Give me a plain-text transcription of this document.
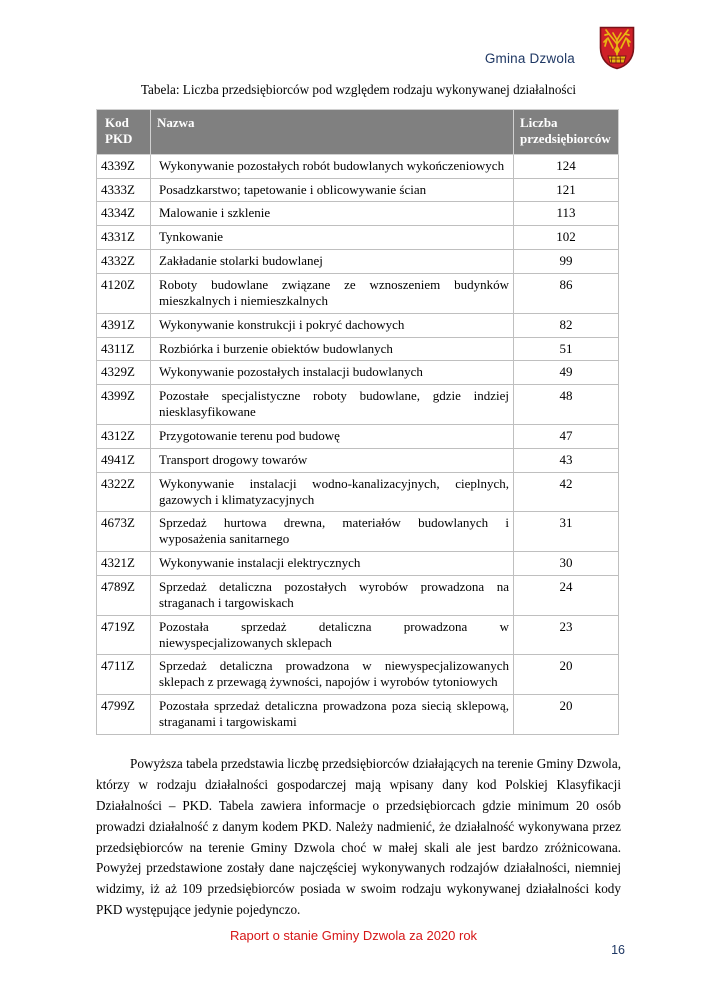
Gmina Dzwola
Tabela: Liczba przedsiębiorców pod względem rodzaju wykonywanej działalności
Kod PKD	Nazwa	Liczba przedsiębiorców
4339Z	Wykonywanie pozostałych robót budowlanych wykończeniowych	124
4333Z	Posadzkarstwo; tapetowanie i oblicowywanie ścian	121
4334Z	Malowanie i szklenie	113
4331Z	Tynkowanie	102
4332Z	Zakładanie stolarki budowlanej	99
4120Z	Roboty budowlane związane ze wznoszeniem budynków mieszkalnych i niemieszkalnych	86
4391Z	Wykonywanie konstrukcji i pokryć dachowych	82
4311Z	Rozbiórka i burzenie obiektów budowlanych	51
4329Z	Wykonywanie pozostałych instalacji budowlanych	49
4399Z	Pozostałe specjalistyczne roboty budowlane, gdzie indziej niesklasyfikowane	48
4312Z	Przygotowanie terenu pod budowę	47
4941Z	Transport drogowy towarów	43
4322Z	Wykonywanie instalacji wodno-kanalizacyjnych, cieplnych, gazowych i klimatyzacyjnych	42
4673Z	Sprzedaż hurtowa drewna, materiałów budowlanych i wyposażenia sanitarnego	31
4321Z	Wykonywanie instalacji elektrycznych	30
4789Z	Sprzedaż detaliczna pozostałych wyrobów prowadzona na straganach i targowiskach	24
4719Z	Pozostała sprzedaż detaliczna prowadzona w niewyspecjalizowanych sklepach	23
4711Z	Sprzedaż detaliczna prowadzona w niewyspecjalizowanych sklepach z przewagą żywności, napojów i wyrobów tytoniowych	20
4799Z	Pozostała sprzedaż detaliczna prowadzona poza siecią sklepową, straganami i targowiskami	20

Powyższa tabela przedstawia liczbę przedsiębiorców działających na terenie Gminy Dzwola, którzy w rodzaju działalności gospodarczej mają wpisany dany kod Polskiej Klasyfikacji Działalności – PKD. Tabela zawiera informacje o przedsiębiorcach gdzie minimum 20 osób prowadzi działalność z danym kodem PKD. Należy nadmienić, że działalność wykonywana przez przedsiębiorców na terenie Gminy Dzwola choć w małej skali ale jest bardzo zróżnicowana. Powyżej przedstawione zostały dane najczęściej wykonywanych rodzajów działalności, niemniej widzimy, iż aż 109 przedsiębiorców posiada w swoim rodzaju wykonywanej działalności kody PKD występujące jedynie pojedynczo.

Raport o stanie Gminy Dzwola za 2020 rok
16
